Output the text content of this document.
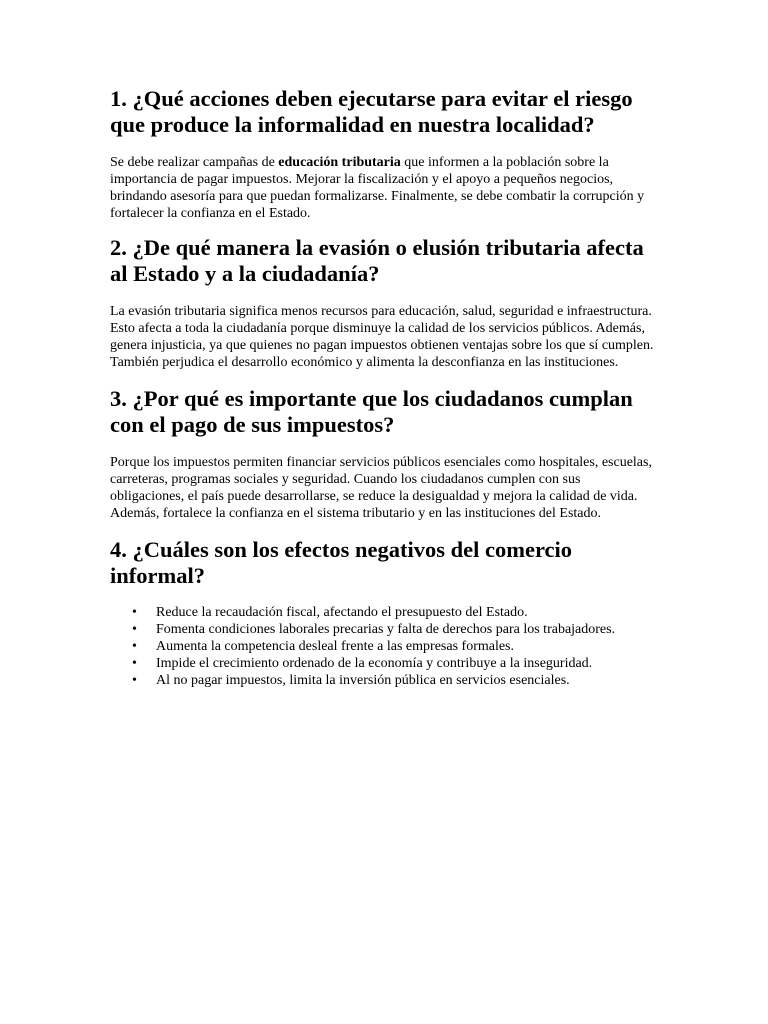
1. ¿Qué acciones deben ejecutarse para evitar el riesgo que produce la informalidad en nuestra localidad?

Se debe realizar campañas de educación tributaria que informen a la población sobre la importancia de pagar impuestos. Mejorar la fiscalización y el apoyo a pequeños negocios, brindando asesoría para que puedan formalizarse. Finalmente, se debe combatir la corrupción y fortalecer la confianza en el Estado.

2. ¿De qué manera la evasión o elusión tributaria afecta al Estado y a la ciudadanía?

La evasión tributaria significa menos recursos para educación, salud, seguridad e infraestructura. Esto afecta a toda la ciudadanía porque disminuye la calidad de los servicios públicos. Además, genera injusticia, ya que quienes no pagan impuestos obtienen ventajas sobre los que sí cumplen. También perjudica el desarrollo económico y alimenta la desconfianza en las instituciones.

3. ¿Por qué es importante que los ciudadanos cumplan con el pago de sus impuestos?

Porque los impuestos permiten financiar servicios públicos esenciales como hospitales, escuelas, carreteras, programas sociales y seguridad. Cuando los ciudadanos cumplen con sus obligaciones, el país puede desarrollarse, se reduce la desigualdad y mejora la calidad de vida. Además, fortalece la confianza en el sistema tributario y en las instituciones del Estado.

4. ¿Cuáles son los efectos negativos del comercio informal?
• Reduce la recaudación fiscal, afectando el presupuesto del Estado.
• Fomenta condiciones laborales precarias y falta de derechos para los trabajadores.
• Aumenta la competencia desleal frente a las empresas formales.
• Impide el crecimiento ordenado de la economía y contribuye a la inseguridad.
• Al no pagar impuestos, limita la inversión pública en servicios esenciales.
